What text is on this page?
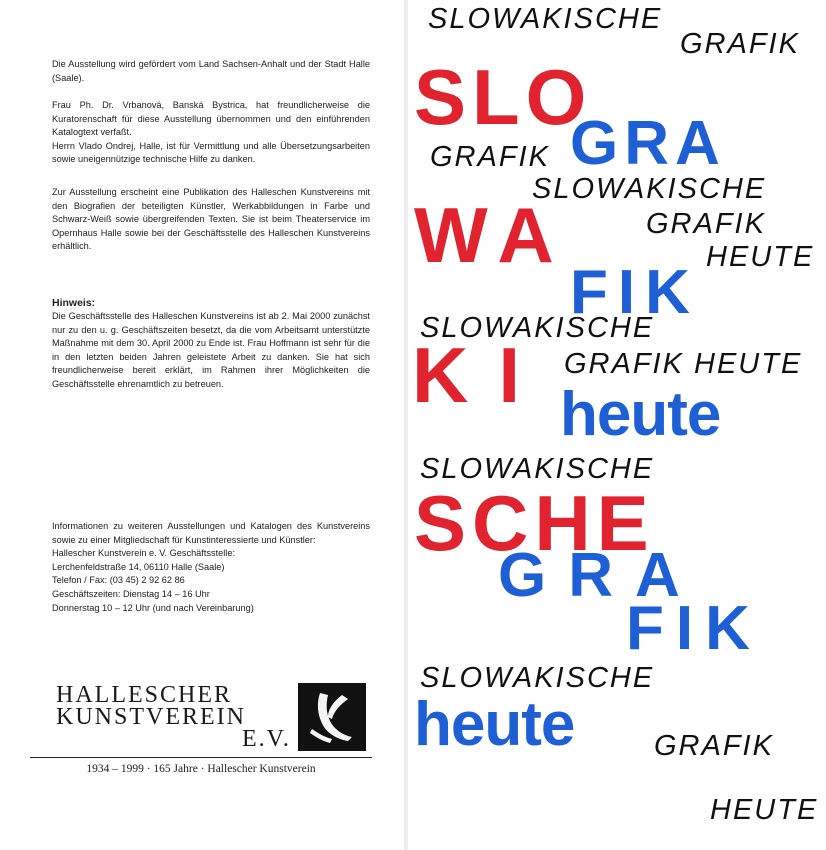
Die Ausstellung wird gefördert vom Land Sachsen-Anhalt und der Stadt Halle (Saale).

Frau Ph. Dr. Vrbanová, Banská Bystrica, hat freundlicherweise die Kuratorenschaft für diese Ausstellung übernommen und den einführenden Katalogtext verfaßt.

Herrn Vlado Ondrej, Halle, ist für Vermittlung und alle Übersetzungsarbeiten sowie uneigennützige technische Hilfe zu danken.

Zur Ausstellung erscheint eine Publikation des Halleschen Kunstvereins mit den Biografien der beteiligten Künstler, Werkabbildungen in Farbe und Schwarz-Weiß sowie übergreifenden Texten. Sie ist beim Theaterservice im Opernhaus Halle sowie bei der Geschäftsstelle des Halleschen Kunstvereins erhältlich.

Hinweis:

Die Geschäftsstelle des Halleschen Kunstvereins ist ab 2. Mai 2000 zunächst nur zu den u. g. Geschäftszeiten besetzt, da die vom Arbeitsamt unterstützte Maßnahme mit dem 30. April 2000 zu Ende ist. Frau Hoffmann ist sehr für die in den letzten beiden Jahren geleistete Arbeit zu danken. Sie hat sich freundlicherweise bereit erklärt, im Rahmen ihrer Möglichkeiten die Geschäftsstelle ehrenamtlich zu betreuen.

Informationen zu weiteren Ausstellungen und Katalogen des Kunstvereins sowie zu einer Mitgliedschaft für Kunstinteressierte und Künstler:

Hallescher Kunstverein e. V. Geschäftsstelle:

Lerchenfeldstraße 14, 06110 Halle (Saale)

Telefon / Fax: (03 45) 2 92 62 86

Geschäftszeiten: Dienstag 14 – 16 Uhr

Donnerstag 10 – 12 Uhr (und nach Vereinbarung)

HALLESCHER
KUNSTVEREIN
E.V.
1934 – 1999 · 165 Jahre · Hallescher Kunstverein
SLOWAKISCHE
GRAFIK
SLO
GRA
GRAFIK
SLOWAKISCHE
WA	GRAFIK
HEUTE
FIK
SLOWAKISCHE
KI GRAFIK HEUTE
heute
SLOWAKISCHE
SCHE
GRA
FIK
SLOWAKISCHE
heute	GRAFIK
HEUTE
